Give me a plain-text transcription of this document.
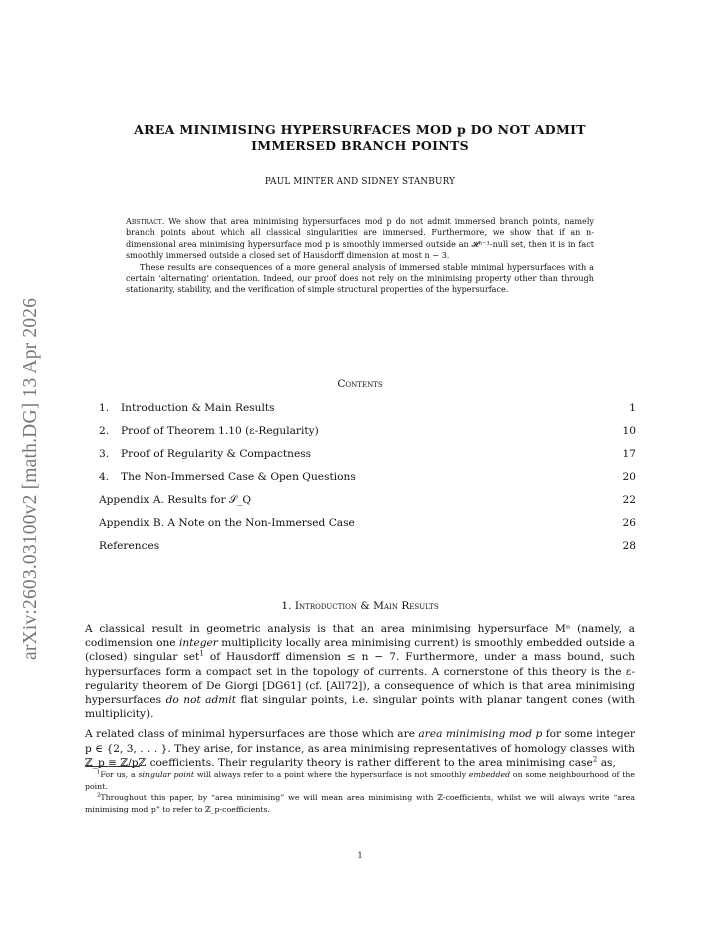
arXiv:2603.03100v2 [math.DG] 13 Apr 2026
AREA MINIMISING HYPERSURFACES MOD p DO NOT ADMIT
IMMERSED BRANCH POINTS
PAUL MINTER AND SIDNEY STANBURY

Abstract. We show that area minimising hypersurfaces mod p do not admit immersed branch points, namely branch points about which all classical singularities are immersed. Furthermore, we show that if an n-dimensional area minimising hypersurface mod p is smoothly immersed outside an 𝓗ⁿ⁻¹-null set, then it is in fact smoothly immersed outside a closed set of Hausdorff dimension at most n − 3.

These results are consequences of a more general analysis of immersed stable minimal hypersurfaces with a certain ‘alternating’ orientation. Indeed, our proof does not rely on the minimising property other than through stationarity, stability, and the verification of simple structural properties of the hypersurface.

Contents
1. Introduction & Main Results	1
2. Proof of Theorem 1.10 (ε-Regularity)	10
3. Proof of Regularity & Compactness	17
4. The Non-Immersed Case & Open Questions	20
Appendix A. Results for 𝒮_Q	22
Appendix B. A Note on the Non-Immersed Case	26
References	28
1. Introduction & Main Results

A classical result in geometric analysis is that an area minimising hypersurface Mⁿ (namely, a codimension one integer multiplicity locally area minimising current) is smoothly embedded outside a (closed) singular set$^1$ of Hausdorff dimension ≤ n − 7. Furthermore, under a mass bound, such hypersurfaces form a compact set in the topology of currents. A cornerstone of this theory is the ε-regularity theorem of De Giorgi [DG61] (cf. [All72]), a consequence of which is that area minimising hypersurfaces do not admit flat singular points, i.e. singular points with planar tangent cones (with multiplicity).

A related class of minimal hypersurfaces are those which are area minimising mod p for some integer p ∈ {2, 3, . . . }. They arise, for instance, as area minimising representatives of homology classes with ℤ_p ≡ ℤ/pℤ coefficients. Their regularity theory is rather different to the area minimising case$^2$ as,

$^1$For us, a singular point will always refer to a point where the hypersurface is not smoothly embedded on some neighbourhood of the point.

$^2$Throughout this paper, by “area minimising” we will mean area minimising with ℤ-coefficients, whilst we will always write “area minimising mod p” to refer to ℤ_p-coefficients.

1
